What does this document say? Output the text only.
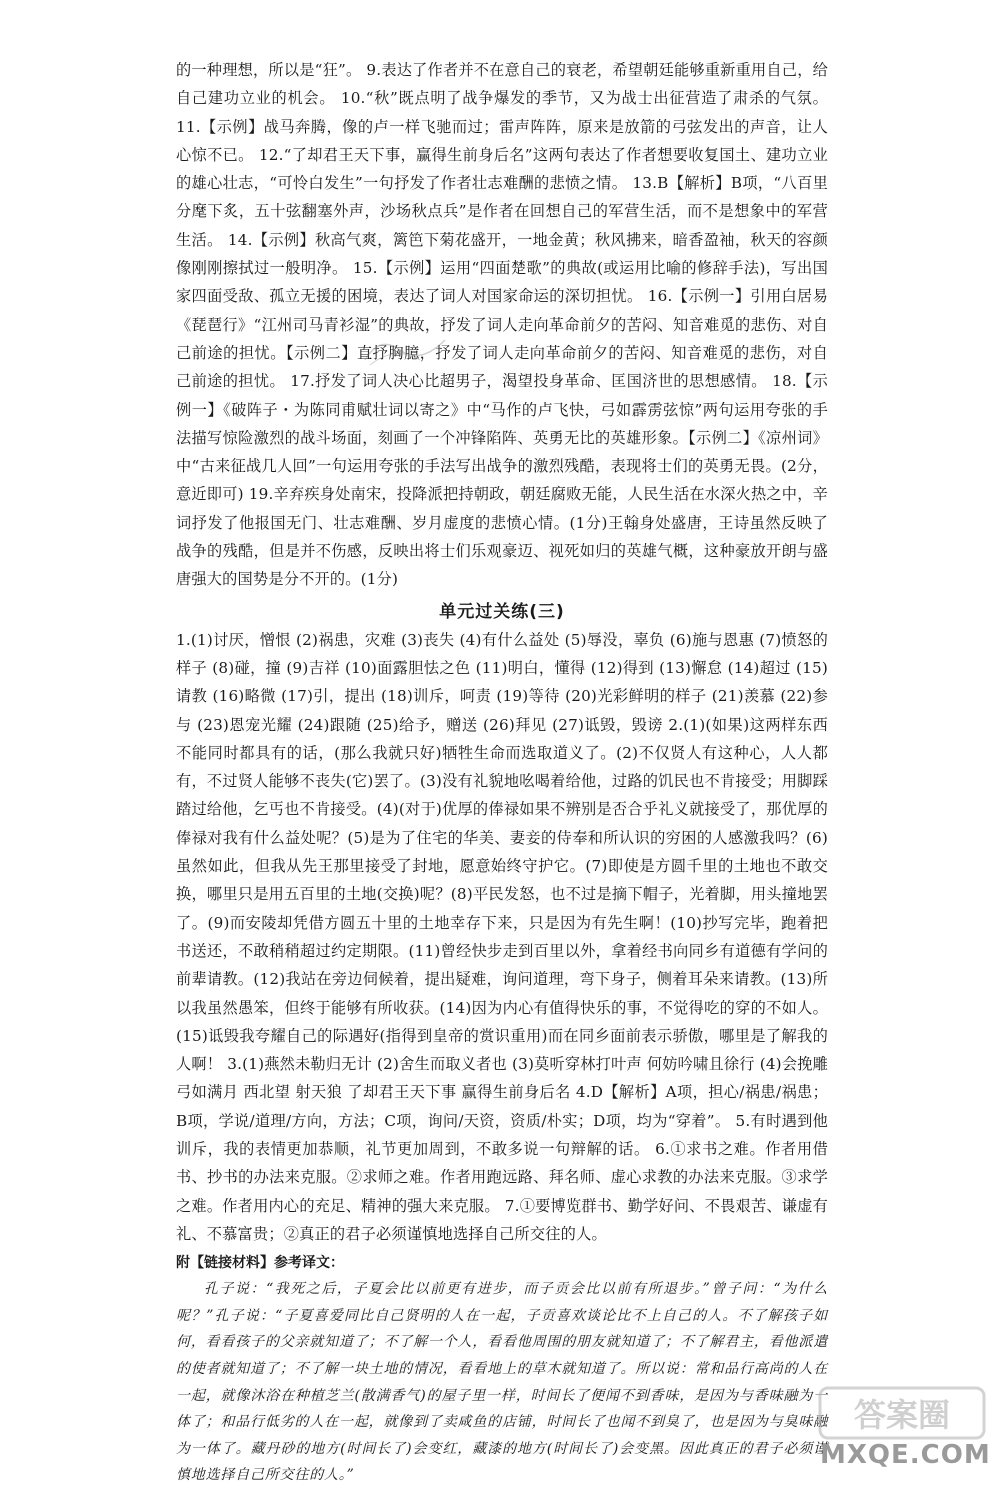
的一种理想，所以是“狂”。 9.表达了作者并不在意自己的衰老，希望朝廷能够重新重用自己，给自己建功立业的机会。 10.“秋”既点明了战争爆发的季节，又为战士出征营造了肃杀的气氛。 11.【示例】战马奔腾，像的卢一样飞驰而过；雷声阵阵，原来是放箭的弓弦发出的声音，让人心惊不已。 12.“了却君王天下事，赢得生前身后名”这两句表达了作者想要收复国土、建功立业的雄心壮志，“可怜白发生”一句抒发了作者壮志难酬的悲愤之情。 13.B【解析】B项，“八百里分麾下炙，五十弦翻塞外声，沙场秋点兵”是作者在回想自己的军营生活，而不是想象中的军营生活。 14.【示例】秋高气爽，篱笆下菊花盛开，一地金黄；秋风拂来，暗香盈袖，秋天的容颜像刚刚擦拭过一般明净。 15.【示例】运用“四面楚歌”的典故(或运用比喻的修辞手法)，写出国家四面受敌、孤立无援的困境，表达了词人对国家命运的深切担忧。 16.【示例一】引用白居易《琵琶行》“江州司马青衫湿”的典故，抒发了词人走向革命前夕的苦闷、知音难觅的悲伤、对自己前途的担忧。【示例二】直抒胸臆，抒发了词人走向革命前夕的苦闷、知音难觅的悲伤，对自己前途的担忧。 17.抒发了词人决心比超男子，渴望投身革命、匡国济世的思想感情。 18.【示例一】《破阵子・为陈同甫赋壮词以寄之》中“马作的卢飞快，弓如霹雳弦惊”两句运用夸张的手法描写惊险激烈的战斗场面，刻画了一个冲锋陷阵、英勇无比的英雄形象。【示例二】《凉州词》中“古来征战几人回”一句运用夸张的手法写出战争的激烈残酷，表现将士们的英勇无畏。(2分，意近即可) 19.辛弃疾身处南宋，投降派把持朝政，朝廷腐败无能，人民生活在水深火热之中，辛词抒发了他报国无门、壮志难酬、岁月虚度的悲愤心情。(1分)王翰身处盛唐，王诗虽然反映了战争的残酷，但是并不伤感，反映出将士们乐观豪迈、视死如归的英雄气概，这种豪放开朗与盛唐强大的国势是分不开的。(1分)

单元过关练(三)

1.(1)讨厌，憎恨 (2)祸患，灾难 (3)丧失 (4)有什么益处 (5)辱没，辜负 (6)施与恩惠 (7)愤怒的样子 (8)碰，撞 (9)吉祥 (10)面露胆怯之色 (11)明白，懂得 (12)得到 (13)懈怠 (14)超过 (15)请教 (16)略微 (17)引，提出 (18)训斥，呵责 (19)等待 (20)光彩鲜明的样子 (21)羡慕 (22)参与 (23)恩宠光耀 (24)跟随 (25)给予，赠送 (26)拜见 (27)诋毁，毁谤 2.(1)(如果)这两样东西不能同时都具有的话，(那么我就只好)牺牲生命而选取道义了。(2)不仅贤人有这种心，人人都有，不过贤人能够不丧失(它)罢了。(3)没有礼貌地吆喝着给他，过路的饥民也不肯接受；用脚踩踏过给他，乞丐也不肯接受。(4)(对于)优厚的俸禄如果不辨别是否合乎礼义就接受了，那优厚的俸禄对我有什么益处呢？(5)是为了住宅的华美、妻妾的侍奉和所认识的穷困的人感激我吗？(6)虽然如此，但我从先王那里接受了封地，愿意始终守护它。(7)即使是方圆千里的土地也不敢交换，哪里只是用五百里的土地(交换)呢？(8)平民发怒，也不过是摘下帽子，光着脚，用头撞地罢了。(9)而安陵却凭借方圆五十里的土地幸存下来，只是因为有先生啊！(10)抄写完毕，跑着把书送还，不敢稍稍超过约定期限。(11)曾经快步走到百里以外，拿着经书向同乡有道德有学问的前辈请教。(12)我站在旁边伺候着，提出疑难，询问道理，弯下身子，侧着耳朵来请教。(13)所以我虽然愚笨，但终于能够有所收获。(14)因为内心有值得快乐的事，不觉得吃的穿的不如人。(15)诋毁我夸耀自己的际遇好(指得到皇帝的赏识重用)而在同乡面前表示骄傲，哪里是了解我的人啊！ 3.(1)燕然未勒归无计 (2)舍生而取义者也 (3)莫听穿林打叶声 何妨吟啸且徐行 (4)会挽雕弓如满月 西北望 射天狼 了却君王天下事 赢得生前身后名 4.D【解析】A项，担心/祸患/祸患；B项，学说/道理/方向，方法；C项，询问/天资，资质/朴实；D项，均为“穿着”。 5.有时遇到他训斥，我的表情更加恭顺，礼节更加周到，不敢多说一句辩解的话。 6.①求书之难。作者用借书、抄书的办法来克服。②求师之难。作者用跑远路、拜名师、虚心求教的办法来克服。③求学之难。作者用内心的充足、精神的强大来克服。 7.①要博览群书、勤学好问、不畏艰苦、谦虚有礼、不慕富贵；②真正的君子必须谨慎地选择自己所交往的人。

附【链接材料】参考译文：

孔子说：“我死之后，子夏会比以前更有进步，而子贡会比以前有所退步。”曾子问：“为什么呢？”孔子说：“子夏喜爱同比自己贤明的人在一起，子贡喜欢谈论比不上自己的人。不了解孩子如何，看看孩子的父亲就知道了；不了解一个人，看看他周围的朋友就知道了；不了解君主，看他派遣的使者就知道了；不了解一块土地的情况，看看地上的草木就知道了。所以说：常和品行高尚的人在一起，就像沐浴在种植芝兰(散满香气)的屋子里一样，时间长了便闻不到香味，是因为与香味融为一体了；和品行低劣的人在一起，就像到了卖咸鱼的店铺，时间长了也闻不到臭了，也是因为与臭味融为一体了。藏丹砂的地方(时间长了)会变红，藏漆的地方(时间长了)会变黑。因此真正的君子必须谨慎地选择自己所交往的人。”

答案圈
MXQE.COM
